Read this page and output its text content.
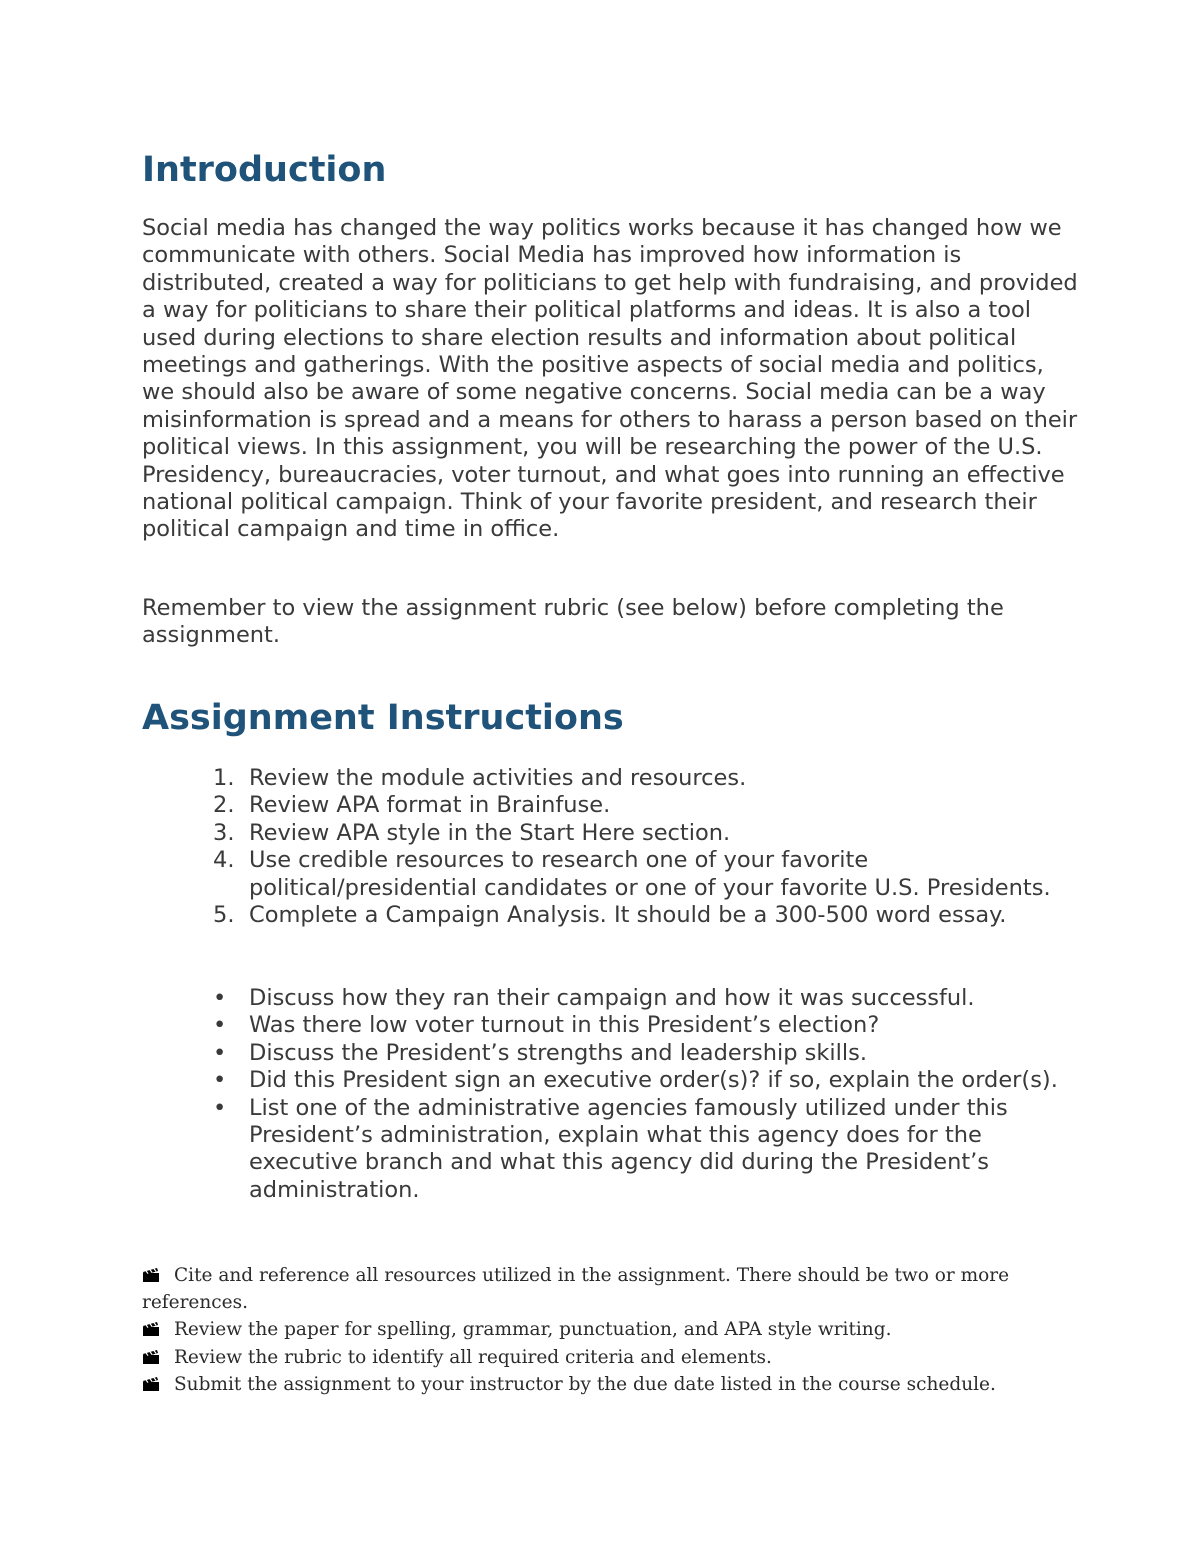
Introduction

Social media has changed the way politics works because it has changed how we communicate with others. Social Media has improved how information is distributed, created a way for politicians to get help with fundraising, and provided a way for politicians to share their political platforms and ideas. It is also a tool used during elections to share election results and information about political meetings and gatherings. With the positive aspects of social media and politics, we should also be aware of some negative concerns. Social media can be a way misinformation is spread and a means for others to harass a person based on their political views. In this assignment, you will be researching the power of the U.S. Presidency, bureaucracies, voter turnout, and what goes into running an effective national political campaign. Think of your favorite president, and research their political campaign and time in office.

Remember to view the assignment rubric (see below) before completing the assignment.

Assignment Instructions
Review the module activities and resources.
Review APA format in Brainfuse.
Review APA style in the Start Here section.
Use credible resources to research one of your favorite political/presidential candidates or one of your favorite U.S. Presidents.
Complete a Campaign Analysis. It should be a 300-500 word essay.
• Discuss how they ran their campaign and how it was successful.
• Was there low voter turnout in this President’s election?
• Discuss the President’s strengths and leadership skills.
• Did this President sign an executive order(s)? if so, explain the order(s).
• List one of the administrative agencies famously utilized under this President’s administration, explain what this agency does for the executive branch and what this agency did during the President’s administration.
Cite and reference all resources utilized in the assignment. There should be two or more references.
Review the paper for spelling, grammar, punctuation, and APA style writing.
Review the rubric to identify all required criteria and elements.
Submit the assignment to your instructor by the due date listed in the course schedule.
